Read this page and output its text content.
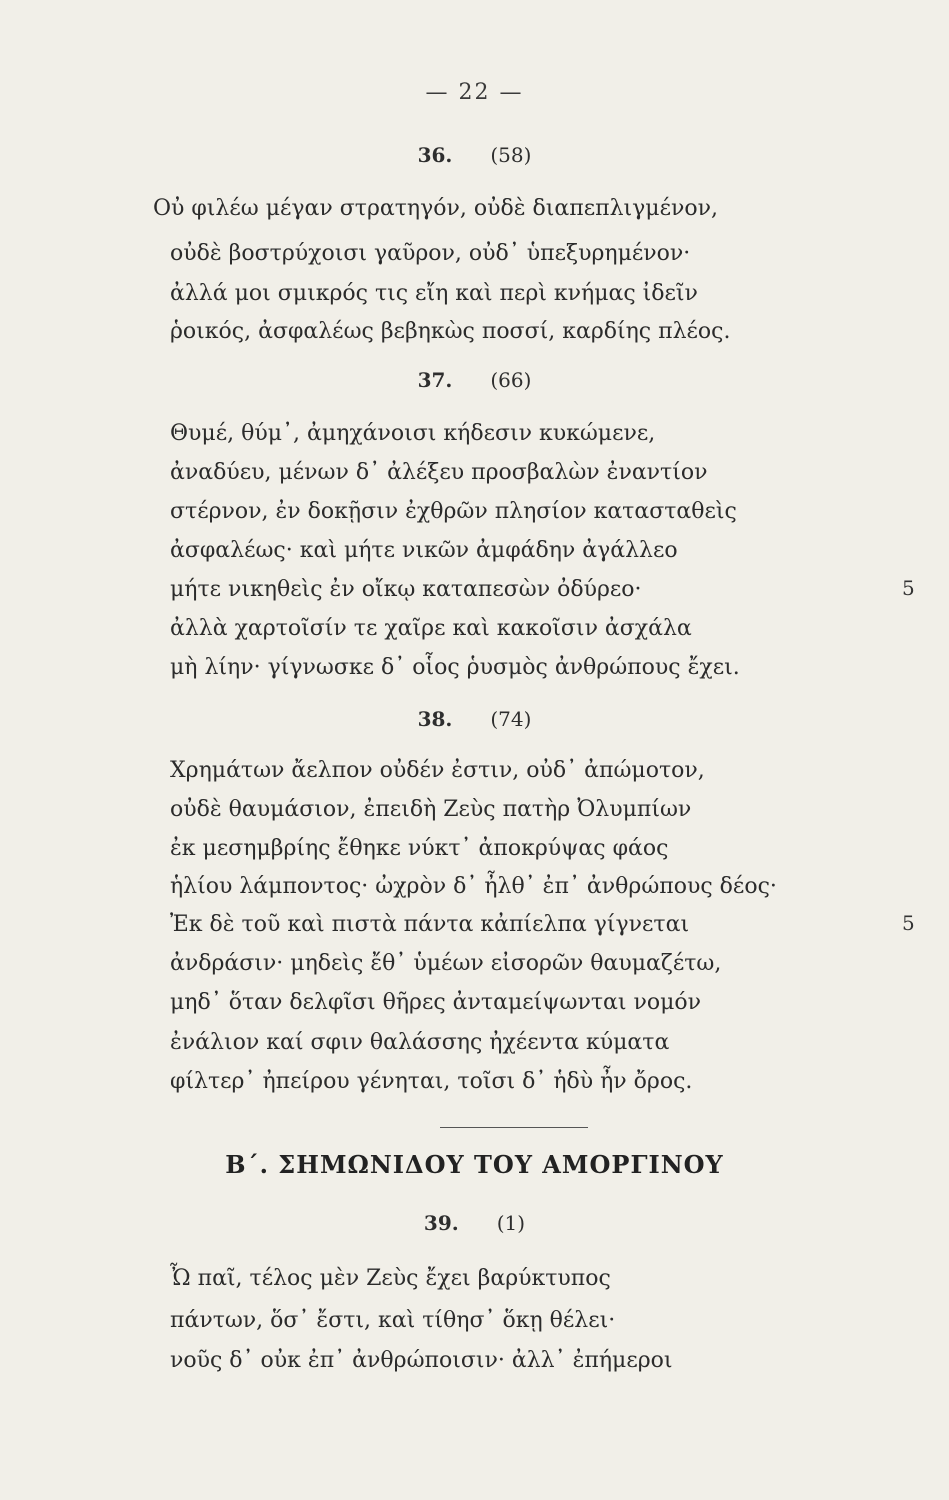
— 22 —
36. (58)
Οὐ φιλέω μέγαν στρατηγόν, οὐδὲ διαπεπλιγμένον,
οὐδὲ βοστρύχοισι γαῦρον, οὐδ᾿ ὑπεξυρημένον·
ἀλλά μοι σμικρός τις εἴη καὶ περὶ κνήμας ἰδεῖν
ῥοικός, ἀσφαλέως βεβηκὼς ποσσί, καρδίης πλέος.
37. (66)
Θυμέ, θύμ᾿, ἀμηχάνοισι κήδεσιν κυκώμενε,
ἀναδύευ, μένων δ᾿ ἀλέξευ προσβαλὼν ἐναντίον
στέρνον, ἐν δοκῇσιν ἐχθρῶν πλησίον κατασταθεὶς
ἀσφαλέως· καὶ μήτε νικῶν ἀμφάδην ἀγάλλεο
μήτε νικηθεὶς ἐν οἴκῳ καταπεσὼν ὀδύρεο·	5
ἀλλὰ χαρτοῖσίν τε χαῖρε καὶ κακοῖσιν ἀσχάλα
μὴ λίην· γίγνωσκε δ᾿ οἷος ῥυσμὸς ἀνθρώπους ἔχει.
38. (74)
Χρημάτων ἄελπον οὐδέν ἐστιν, οὐδ᾿ ἀπώμοτον,
οὐδὲ θαυμάσιον, ἐπειδὴ Ζεὺς πατὴρ Ὀλυμπίων
ἐκ μεσημβρίης ἔθηκε νύκτ᾿ ἀποκρύψας φάος
ἡλίου λάμποντος· ὠχρὸν δ᾿ ἦλθ᾿ ἐπ᾿ ἀνθρώπους δέος·
Ἐκ δὲ τοῦ καὶ πιστὰ πάντα κἀπίελπα γίγνεται	5
ἀνδράσιν· μηδεὶς ἔθ᾿ ὑμέων εἰσορῶν θαυμαζέτω,
μηδ᾿ ὅταν δελφῖσι θῆρες ἀνταμείψωνται νομόν
ἐνάλιον καί σφιν θαλάσσης ἠχέεντα κύματα
φίλτερ᾿ ἠπείρου γένηται, τοῖσι δ᾿ ἡδὺ ἦν ὄρος.
Β΄. ΣΗΜΩΝΙΔΟΥ ΤΟΥ ΑΜΟΡΓΙΝΟΥ
39. (1)
Ὦ παῖ, τέλος μὲν Ζεὺς ἔχει βαρύκτυπος
πάντων, ὅσ᾿ ἔστι, καὶ τίθησ᾿ ὅκῃ θέλει·
νοῦς δ᾿ οὐκ ἐπ᾿ ἀνθρώποισιν· ἀλλ᾿ ἐπήμεροι
